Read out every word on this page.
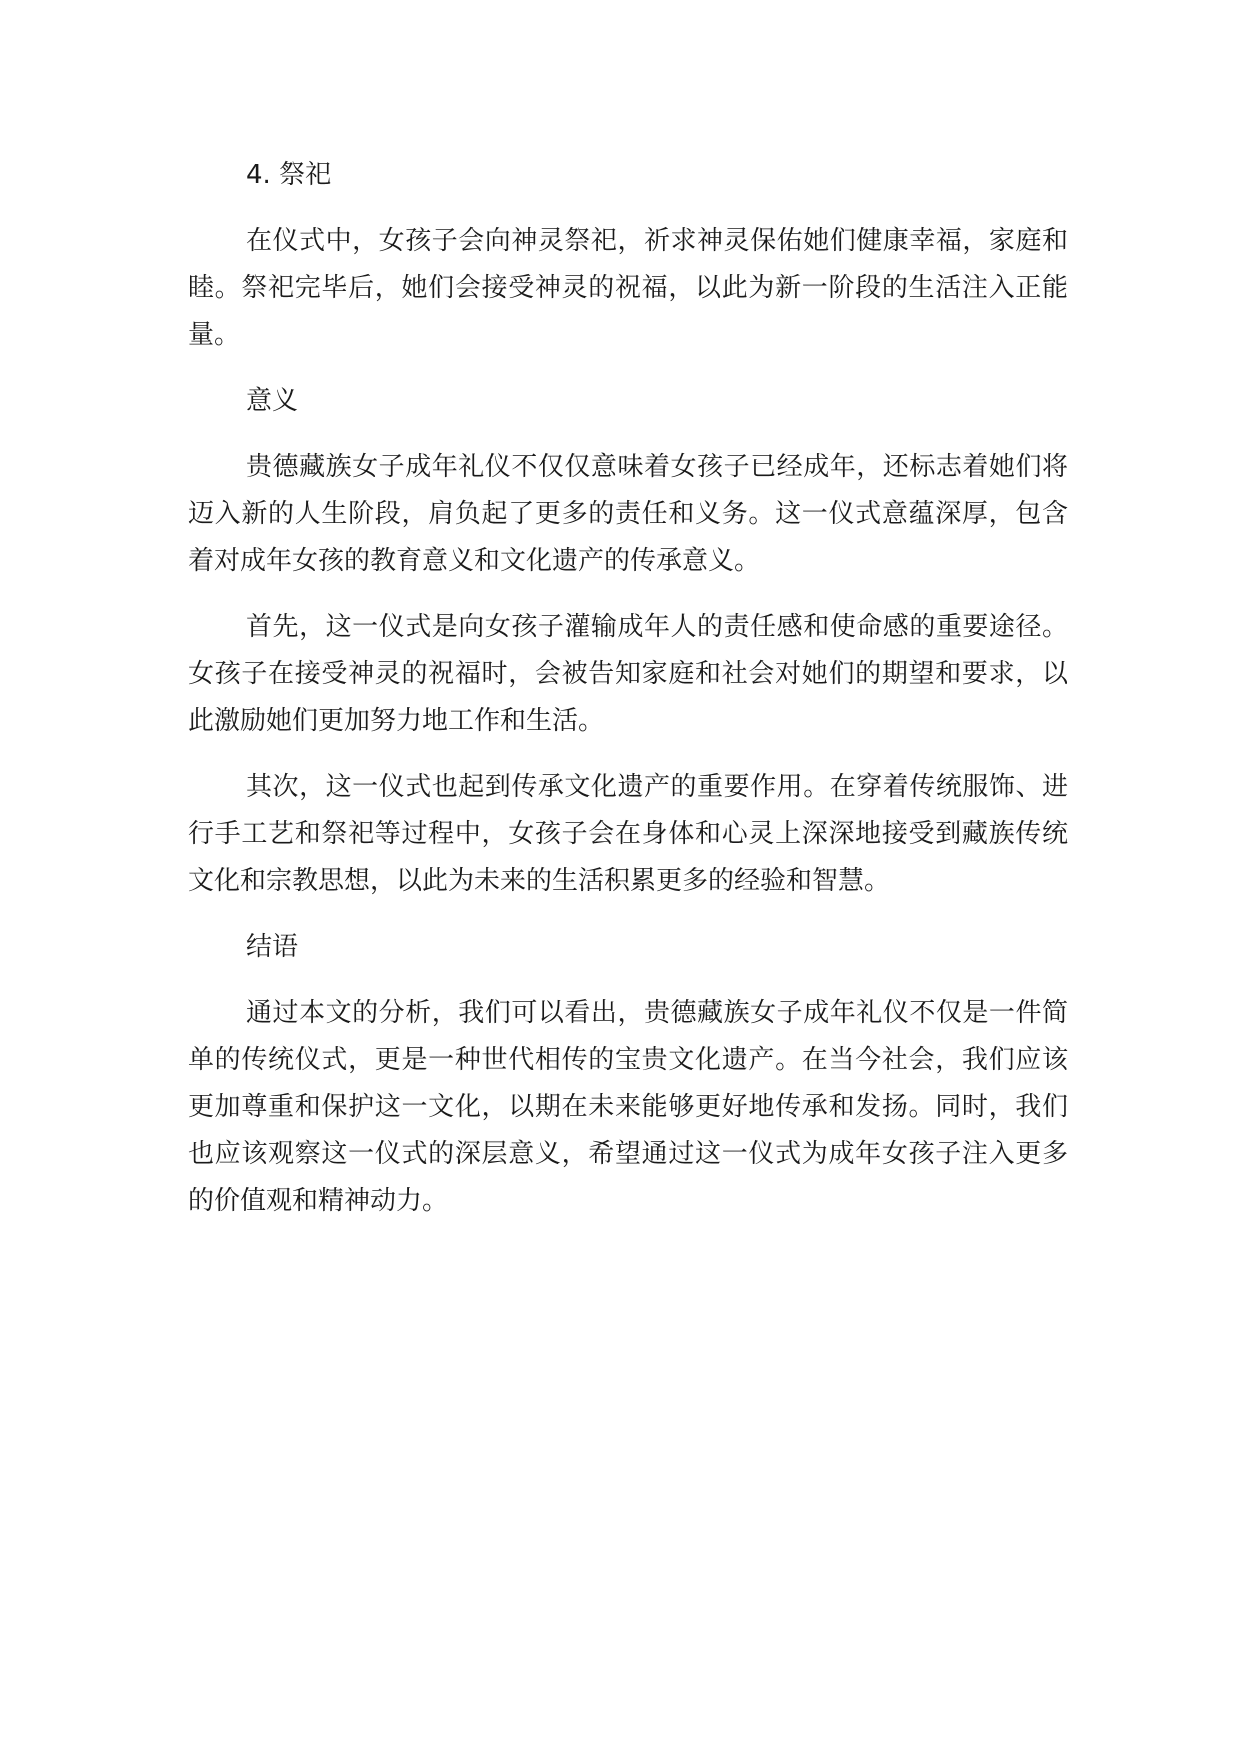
4. 祭祀

在仪式中，女孩子会向神灵祭祀，祈求神灵保佑她们健康幸福，家庭和睦。祭祀完毕后，她们会接受神灵的祝福，以此为新一阶段的生活注入正能量。

意义

贵德藏族女子成年礼仪不仅仅意味着女孩子已经成年，还标志着她们将迈入新的人生阶段，肩负起了更多的责任和义务。这一仪式意蕴深厚，包含着对成年女孩的教育意义和文化遗产的传承意义。

首先，这一仪式是向女孩子灌输成年人的责任感和使命感的重要途径。女孩子在接受神灵的祝福时，会被告知家庭和社会对她们的期望和要求，以此激励她们更加努力地工作和生活。

其次，这一仪式也起到传承文化遗产的重要作用。在穿着传统服饰、进行手工艺和祭祀等过程中，女孩子会在身体和心灵上深深地接受到藏族传统文化和宗教思想，以此为未来的生活积累更多的经验和智慧。

结语

通过本文的分析，我们可以看出，贵德藏族女子成年礼仪不仅是一件简单的传统仪式，更是一种世代相传的宝贵文化遗产。在当今社会，我们应该更加尊重和保护这一文化，以期在未来能够更好地传承和发扬。同时，我们也应该观察这一仪式的深层意义，希望通过这一仪式为成年女孩子注入更多的价值观和精神动力。
